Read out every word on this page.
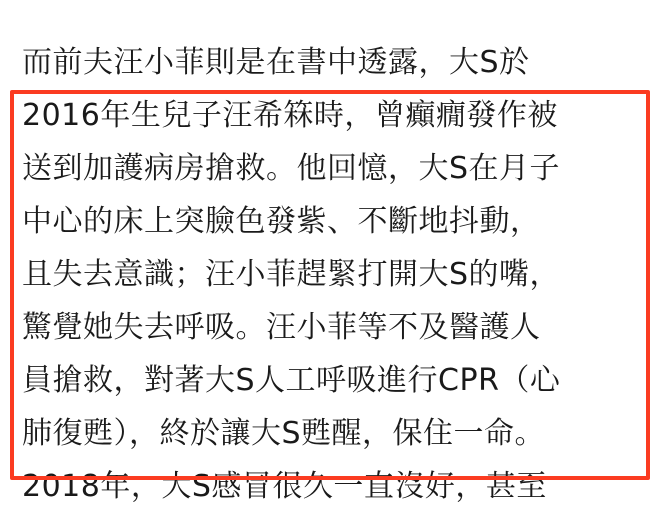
而前夫汪小菲則是在書中透露，大S於
2016年生兒子汪希箖時，曾癲癇發作被
送到加護病房搶救。他回憶，大S在月子
中心的床上突臉色發紫、不斷地抖動，
且失去意識；汪小菲趕緊打開大S的嘴，
驚覺她失去呼吸。汪小菲等不及醫護人
員搶救，對著大S人工呼吸進行CPR（心
肺復甦），終於讓大S甦醒，保住一命。
2018年，大S感冒很久一直沒好，甚至
